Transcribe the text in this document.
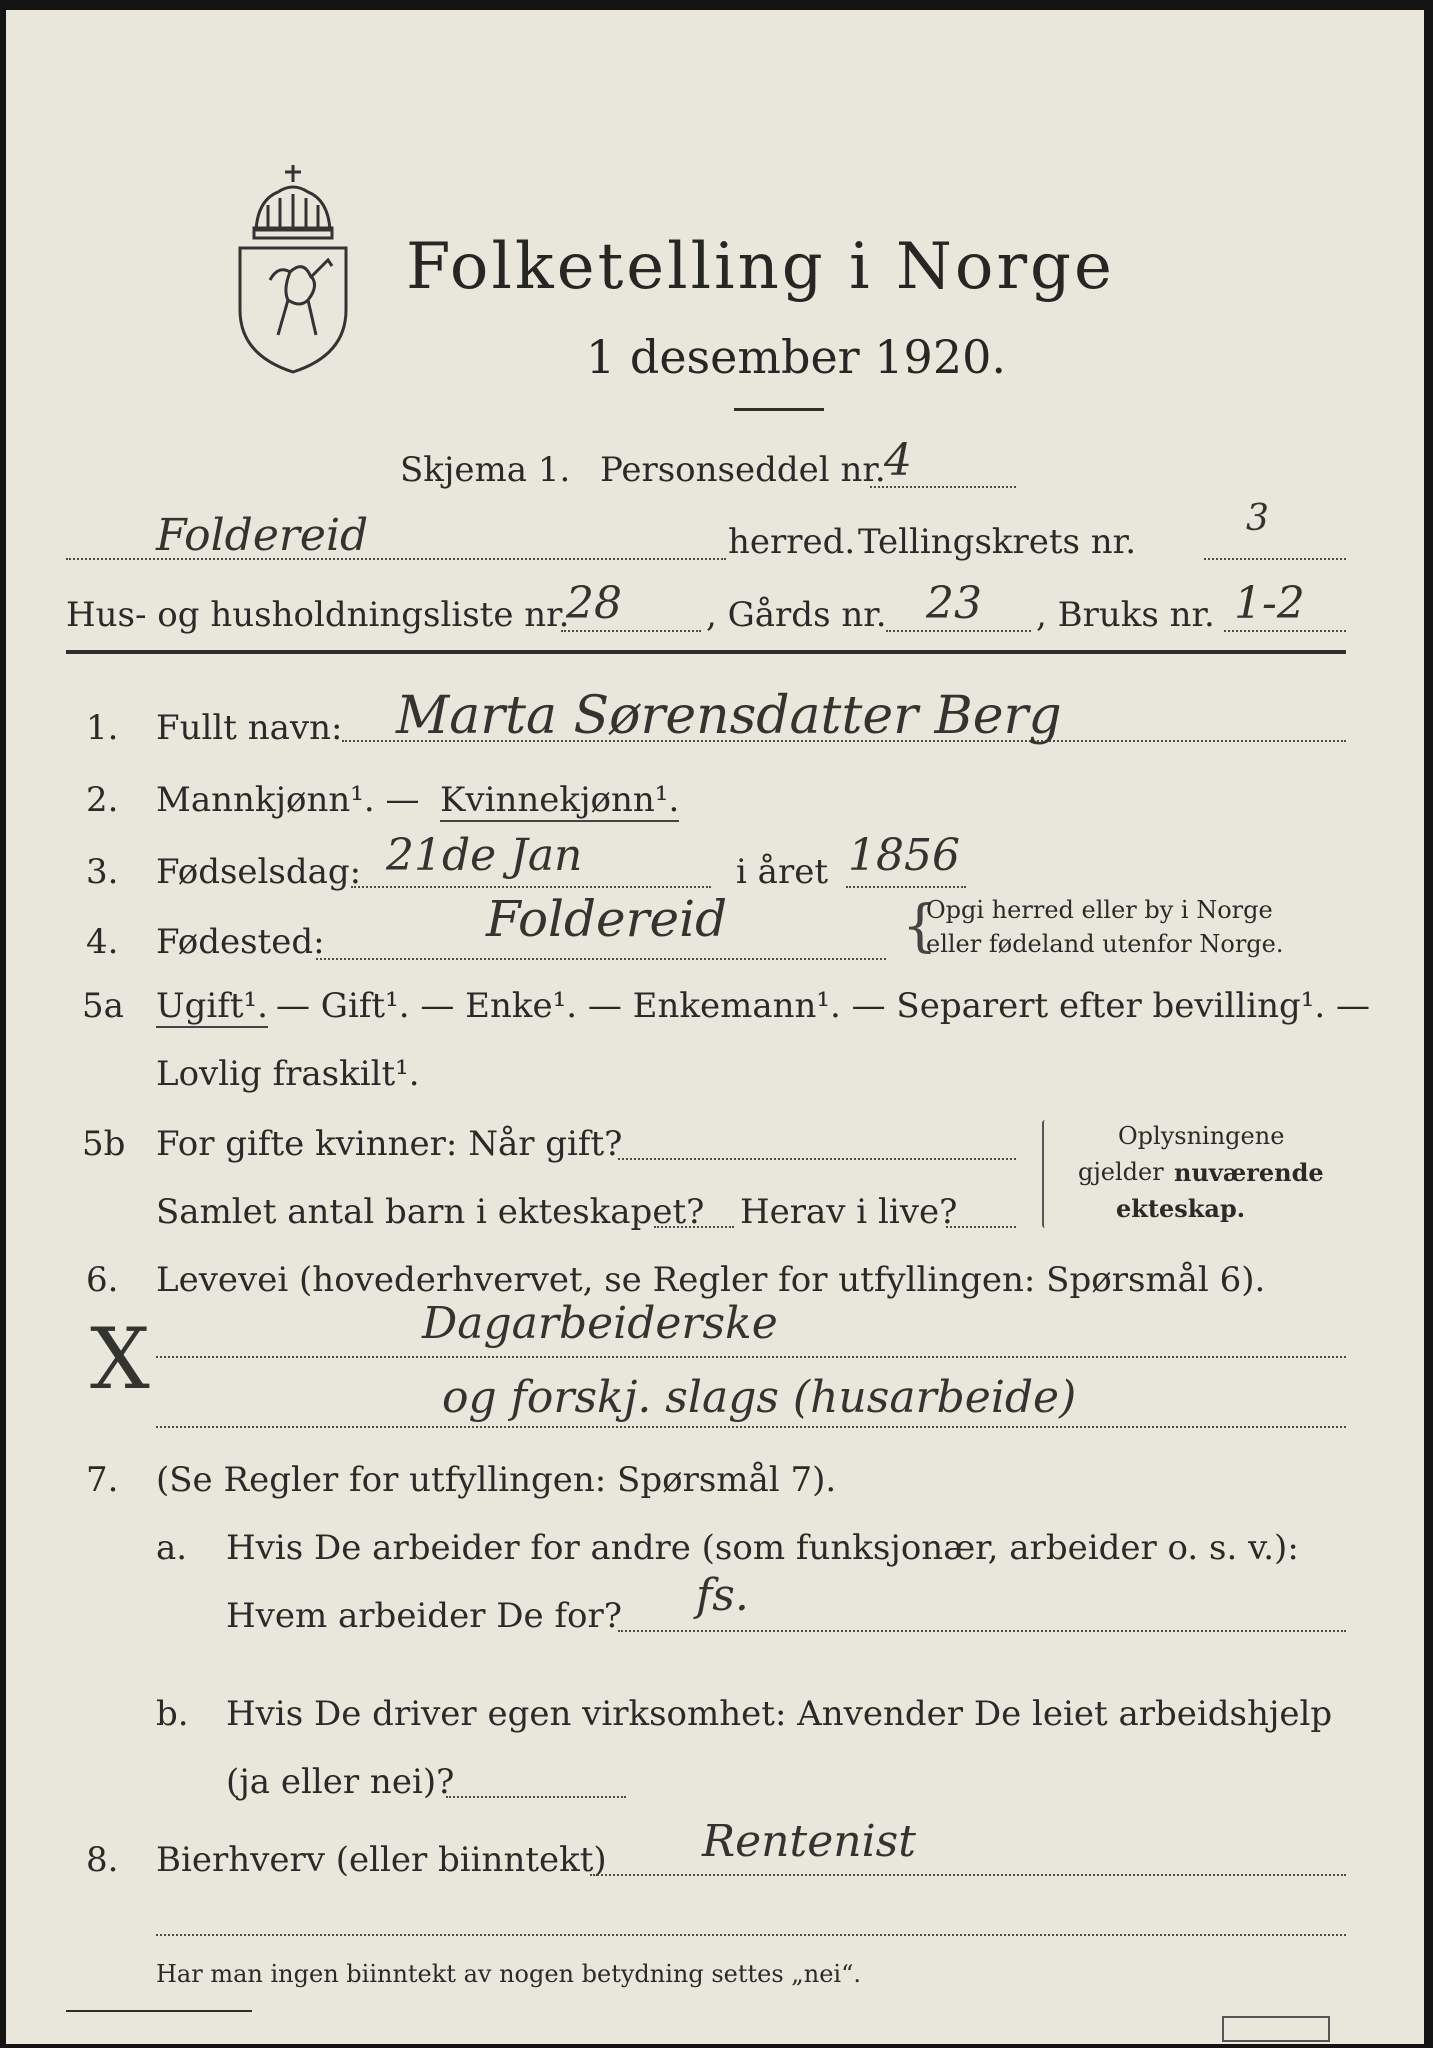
Folketelling i Norge
1 desember 1920.
Skjema 1. Personseddel nr.
4
Foldereid	herred. Tellingskrets nr.
3
Hus- og husholdningsliste nr.
28 , Gårds nr. 23 , Bruks nr. 1-2
1. Fullt navn: Marta Sørensdatter Berg
2. Mannkjønn¹. — Kvinnekjønn¹.
3. Fødselsdag: 21de Jan	i året 1856
4. Fødested:	Foldereid	{
Opgi herred eller by i Norge
eller fødeland utenfor Norge.
5a Ugift¹. — Gift¹. — Enke¹. — Enkemann¹. — Separert efter bevilling¹. —
Lovlig fraskilt¹.
5b For gifte kvinner: Når gift?
Samlet antal barn i ekteskapet? Herav i live?
Oplysningene
gjelder nuværende
ekteskap.
6. Levevei (hovederhvervet, se Regler for utfyllingen: Spørsmål 6).
X	Dagarbeiderske
og forskj. slags (husarbeide)
7. (Se Regler for utfyllingen: Spørsmål 7).
a. Hvis De arbeider for andre (som funksjonær, arbeider o. s. v.):
Hvem arbeider De for? fs.
b. Hvis De driver egen virksomhet: Anvender De leiet arbeidshjelp
(ja eller nei)?
8. Bierhverv (eller biinntekt) Rentenist
Har man ingen biinntekt av nogen betydning settes „nei“.
